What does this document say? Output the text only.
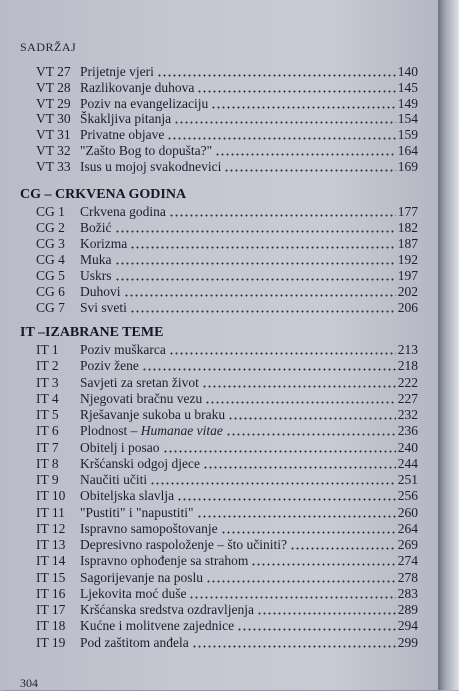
SADRŽAJ
VT 27 Prijetnje vjeri	140
VT 28 Razlikovanje duhova	145
VT 29 Poziv na evangelizaciju	149
VT 30 Škakljiva pitanja	154
VT 31 Privatne objave	159
VT 32 "Zašto Bog to dopušta?"	164
VT 33 Isus u mojoj svakodnevici	169
CG – CRKVENA GODINA
CG 1 Crkvena godina	177
CG 2 Božić	182
CG 3 Korizma	187
CG 4 Muka	192
CG 5 Uskrs	197
CG 6 Duhovi	202
CG 7 Svi sveti	206
IT –IZABRANE TEME
IT 1 Poziv muškarca	213
IT 2 Poziv žene	218
IT 3 Savjeti za sretan život	222
IT 4 Njegovati bračnu vezu	227
IT 5 Rješavanje sukoba u braku	232
IT 6 Plodnost – Humanae vitae	236
IT 7 Obitelj i posao	240
IT 8 Kršćanski odgoj djece	244
IT 9 Naučiti učiti	251
IT 10 Obiteljska slavlja	256
IT 11 "Pustiti" i "napustiti"	260
IT 12 Ispravno samopoštovanje	264
IT 13 Depresivno raspoloženje – što učiniti?	269
IT 14 Ispravno ophođenje sa strahom	274
IT 15 Sagorijevanje na poslu	278
IT 16 Ljekovita moć duše	283
IT 17 Kršćanska sredstva ozdravljenja	289
IT 18 Kućne i molitvene zajednice	294
IT 19 Pod zaštitom anđela	299
304
